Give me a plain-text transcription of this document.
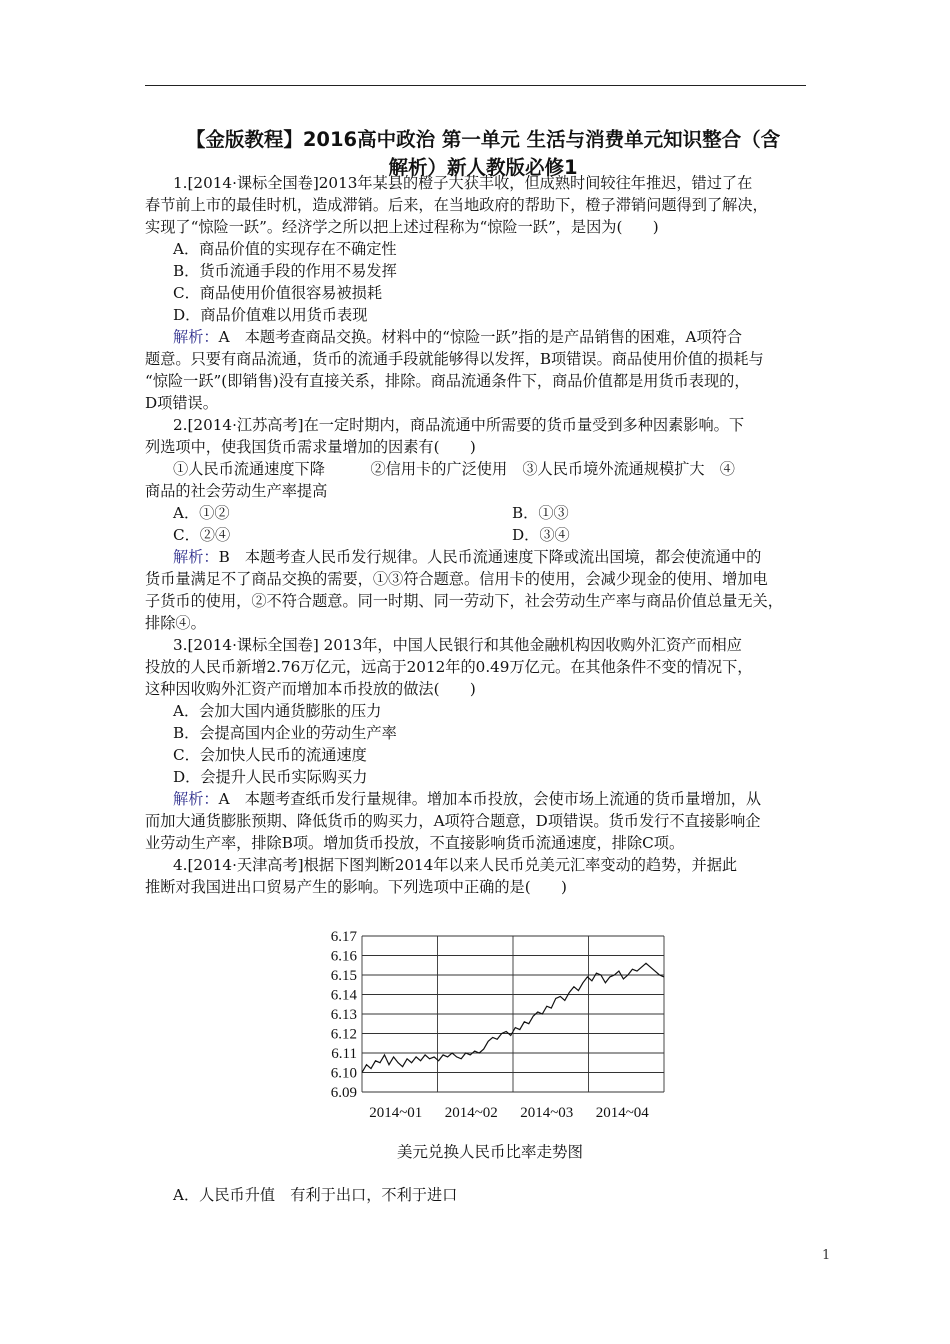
【金版教程】2016高中政治 第一单元 生活与消费单元知识整合（含
解析）新人教版必修1
1.[2014·课标全国卷]2013年某县的橙子大获丰收，但成熟时间较往年推迟，错过了在
春节前上市的最佳时机，造成滞销。后来，在当地政府的帮助下，橙子滞销问题得到了解决，
实现了“惊险一跃”。经济学之所以把上述过程称为“惊险一跃”，是因为(　　)
A．商品价值的实现存在不确定性
B．货币流通手段的作用不易发挥
C．商品使用价值很容易被损耗
D．商品价值难以用货币表现
解析：A　本题考查商品交换。材料中的“惊险一跃”指的是产品销售的困难，A项符合
题意。只要有商品流通，货币的流通手段就能够得以发挥，B项错误。商品使用价值的损耗与
“惊险一跃”(即销售)没有直接关系，排除。商品流通条件下，商品价值都是用货币表现的，
D项错误。
2.[2014·江苏高考]在一定时期内，商品流通中所需要的货币量受到多种因素影响。下
列选项中，使我国货币需求量增加的因素有(　　)
①人民币流通速度下降　　　②信用卡的广泛使用　③人民币境外流通规模扩大　④
商品的社会劳动生产率提高
A．①②	B．①③
C．②④	D．③④
解析：B　本题考查人民币发行规律。人民币流通速度下降或流出国境，都会使流通中的
货币量满足不了商品交换的需要，①③符合题意。信用卡的使用，会减少现金的使用、增加电
子货币的使用，②不符合题意。同一时期、同一劳动下，社会劳动生产率与商品价值总量无关，
排除④。
3.[2014·课标全国卷] 2013年，中国人民银行和其他金融机构因收购外汇资产而相应
投放的人民币新增2.76万亿元，远高于2012年的0.49万亿元。在其他条件不变的情况下，
这种因收购外汇资产而增加本币投放的做法(　　)
A．会加大国内通货膨胀的压力
B．会提高国内企业的劳动生产率
C．会加快人民币的流通速度
D．会提升人民币实际购买力
解析：A　本题考查纸币发行量规律。增加本币投放，会使市场上流通的货币量增加，从
而加大通货膨胀预期、降低货币的购买力，A项符合题意，D项错误。货币发行不直接影响企
业劳动生产率，排除B项。增加货币投放，不直接影响货币流通速度，排除C项。
4.[2014·天津高考]根据下图判断2014年以来人民币兑美元汇率变动的趋势，并据此
推断对我国进出口贸易产生的影响。下列选项中正确的是(　　)
6.17
6.16
6.15
6.14
6.13
6.12
6.11
6.10
6.09
2014~01 2014~02 2014~03 2014~04
美元兑换人民币比率走势图
A．人民币升值　有利于出口，不利于进口
1
